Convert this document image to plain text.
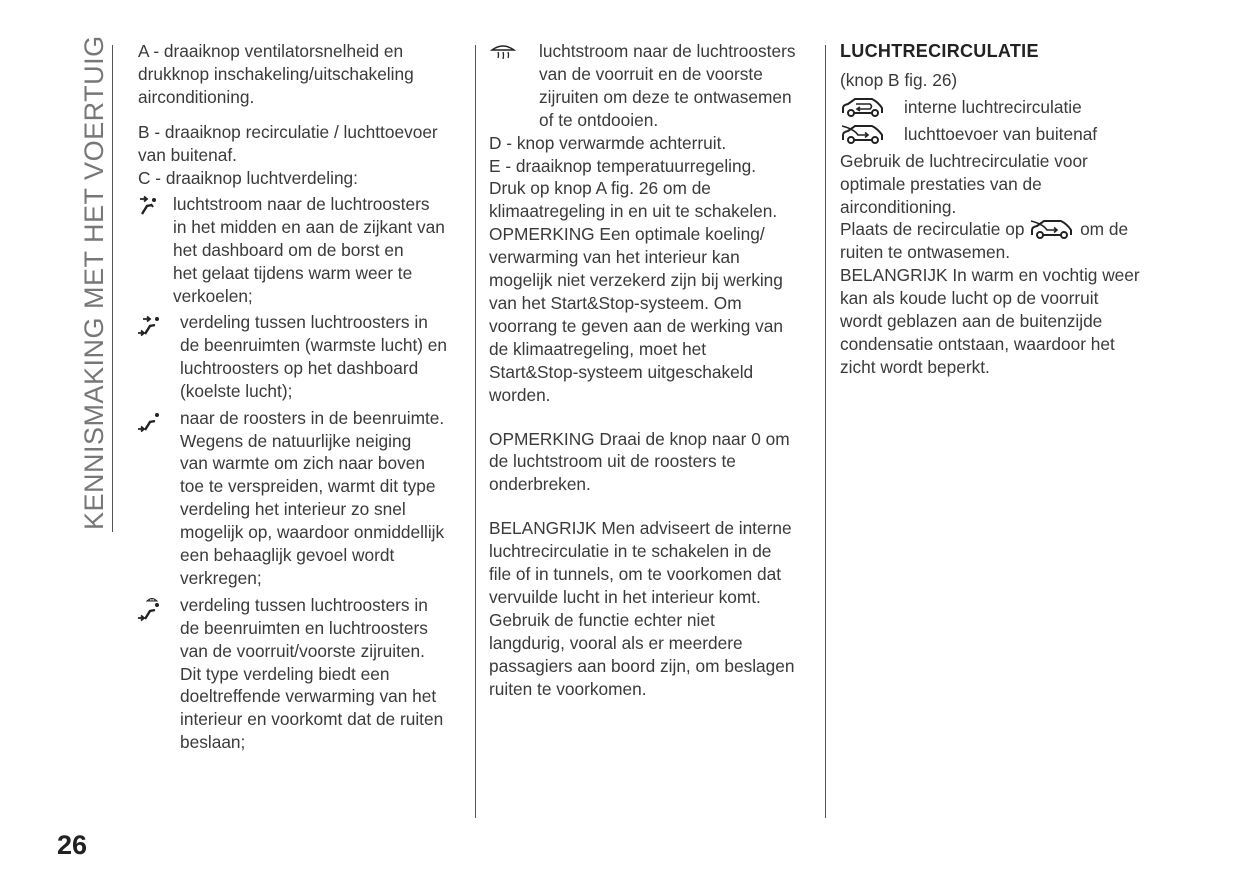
KENNISMAKING MET HET VOERTUIG
26
A - draaiknop ventilatorsnelheid en
drukknop inschakeling/uitschakeling
airconditioning.
B - draaiknop recirculatie / luchttoevoer
van buitenaf.
C - draaiknop luchtverdeling:
luchtstroom naar de luchtroosters
in het midden en aan de zijkant van
het dashboard om de borst en
het gelaat tijdens warm weer te
verkoelen;
verdeling tussen luchtroosters in
de beenruimten (warmste lucht) en
luchtroosters op het dashboard
(koelste lucht);
naar de roosters in de beenruimte.
Wegens de natuurlijke neiging
van warmte om zich naar boven
toe te verspreiden, warmt dit type
verdeling het interieur zo snel
mogelijk op, waardoor onmiddellijk
een behaaglijk gevoel wordt
verkregen;
verdeling tussen luchtroosters in
de beenruimten en luchtroosters
van de voorruit/voorste zijruiten.
Dit type verdeling biedt een
doeltreffende verwarming van het
interieur en voorkomt dat de ruiten
beslaan;
luchtstroom naar de luchtroosters
van de voorruit en de voorste
zijruiten om deze te ontwasemen
of te ontdooien.
D - knop verwarmde achterruit.
E - draaiknop temperatuurregeling.
Druk op knop A fig. 26 om de
klimaatregeling in en uit te schakelen.
OPMERKING Een optimale koeling/
verwarming van het interieur kan
mogelijk niet verzekerd zijn bij werking
van het Start&Stop-systeem. Om
voorrang te geven aan de werking van
de klimaatregeling, moet het
Start&Stop-systeem uitgeschakeld
worden.
OPMERKING Draai de knop naar 0 om
de luchtstroom uit de roosters te
onderbreken.
BELANGRIJK Men adviseert de interne
luchtrecirculatie in te schakelen in de
file of in tunnels, om te voorkomen dat
vervuilde lucht in het interieur komt.
Gebruik de functie echter niet
langdurig, vooral als er meerdere
passagiers aan boord zijn, om beslagen
ruiten te voorkomen.
LUCHTRECIRCULATIE
(knop B fig. 26)
interne luchtrecirculatie
luchttoevoer van buitenaf
Gebruik de luchtrecirculatie voor
optimale prestaties van de
airconditioning.
Plaats de recirculatie op	om de
ruiten te ontwasemen.
BELANGRIJK In warm en vochtig weer
kan als koude lucht op de voorruit
wordt geblazen aan de buitenzijde
condensatie ontstaan, waardoor het
zicht wordt beperkt.
